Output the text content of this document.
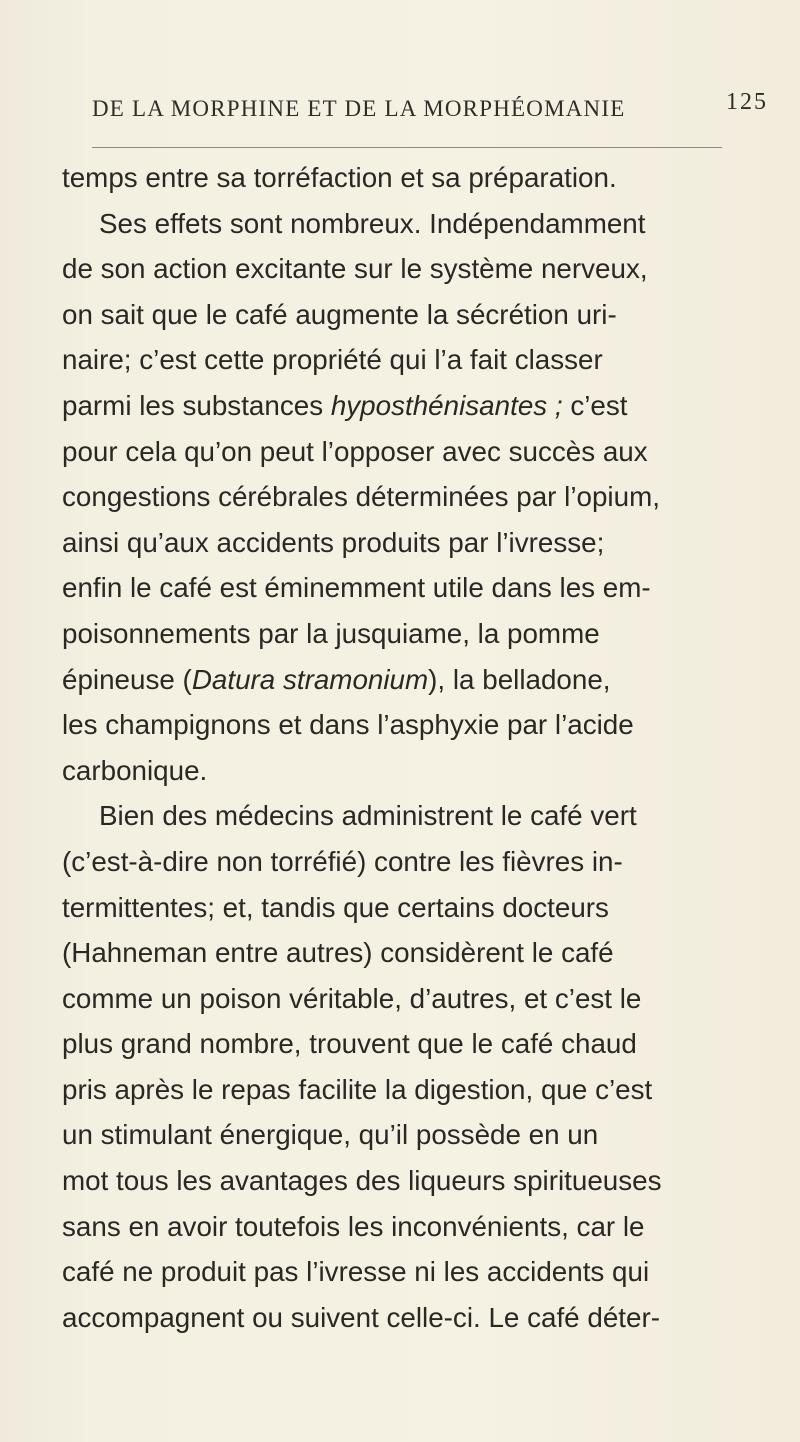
DE LA MORPHINE ET DE LA MORPHÉOMANIE	125
temps entre sa torréfaction et sa préparation.
Ses effets sont nombreux. Indépendamment
de son action excitante sur le système nerveux,
on sait que le café augmente la sécrétion uri-
naire; c’est cette propriété qui l’a fait classer
parmi les substances hyposthénisantes ; c’est
pour cela qu’on peut l’opposer avec succès aux
congestions cérébrales déterminées par l’opium,
ainsi qu’aux accidents produits par l’ivresse;
enfin le café est éminemment utile dans les em-
poisonnements par la jusquiame, la pomme
épineuse (Datura stramonium), la belladone,
les champignons et dans l’asphyxie par l’acide
carbonique.
Bien des médecins administrent le café vert
(c’est-à-dire non torréfié) contre les fièvres in-
termittentes; et, tandis que certains docteurs
(Hahneman entre autres) considèrent le café
comme un poison véritable, d’autres, et c’est le
plus grand nombre, trouvent que le café chaud
pris après le repas facilite la digestion, que c’est
un stimulant énergique, qu’il possède en un
mot tous les avantages des liqueurs spiritueuses
sans en avoir toutefois les inconvénients, car le
café ne produit pas l’ivresse ni les accidents qui
accompagnent ou suivent celle-ci. Le café déter-
